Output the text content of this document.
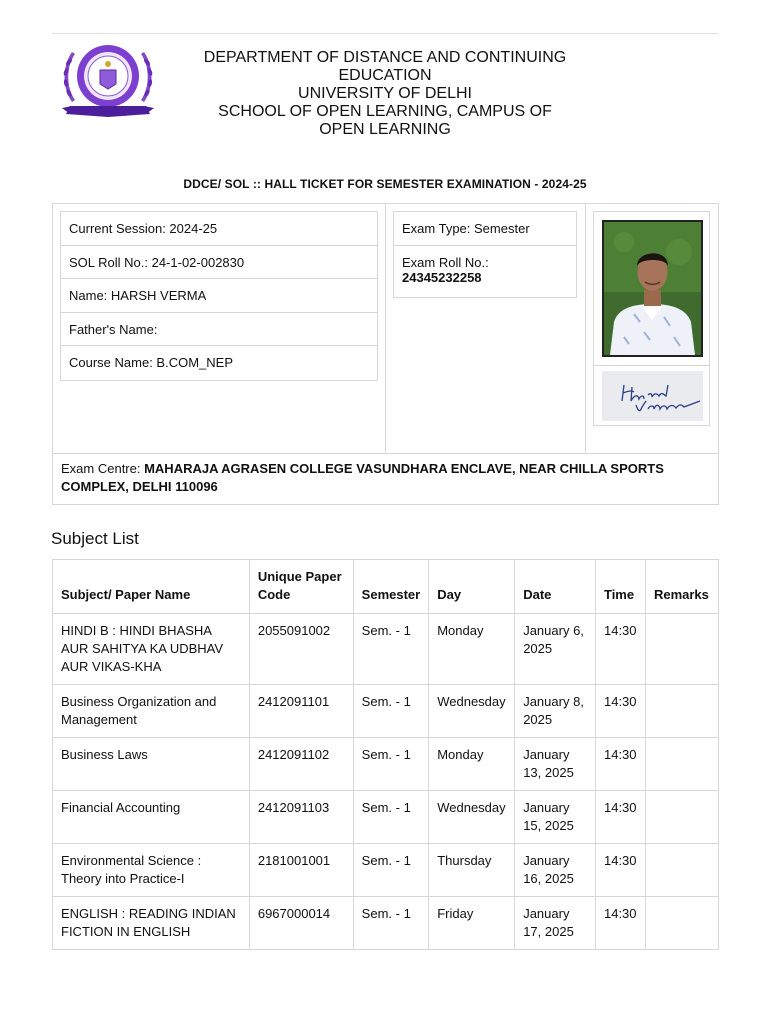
DEPARTMENT OF DISTANCE AND CONTINUING
EDUCATION
UNIVERSITY OF DELHI
SCHOOL OF OPEN LEARNING, CAMPUS OF
OPEN LEARNING
DDCE/ SOL :: HALL TICKET FOR SEMESTER EXAMINATION - 2024-25
Current Session: 2024-25
SOL Roll No.: 24-1-02-002830
Name: HARSH VERMA
Father's Name:
Course Name: B.COM_NEP
Exam Type: Semester
Exam Roll No.:
24345232258
Exam Centre: MAHARAJA AGRASEN COLLEGE VASUNDHARA ENCLAVE, NEAR CHILLA SPORTS COMPLEX, DELHI 110096
Subject List
Subject/ Paper Name	Unique Paper Code	Semester	Day	Date	Time	Remarks
HINDI B : HINDI BHASHA AUR SAHITYA KA UDBHAV AUR VIKAS-KHA	2055091002	Sem. - 1	Monday	January 6, 2025	14:30	
Business Organization and Management	2412091101	Sem. - 1	Wednesday	January 8, 2025	14:30	
Business Laws	2412091102	Sem. - 1	Monday	January 13, 2025	14:30	
Financial Accounting	2412091103	Sem. - 1	Wednesday	January 15, 2025	14:30	
Environmental Science : Theory into Practice-I	2181001001	Sem. - 1	Thursday	January 16, 2025	14:30	
ENGLISH : READING INDIAN FICTION IN ENGLISH	6967000014	Sem. - 1	Friday	January 17, 2025	14:30	
